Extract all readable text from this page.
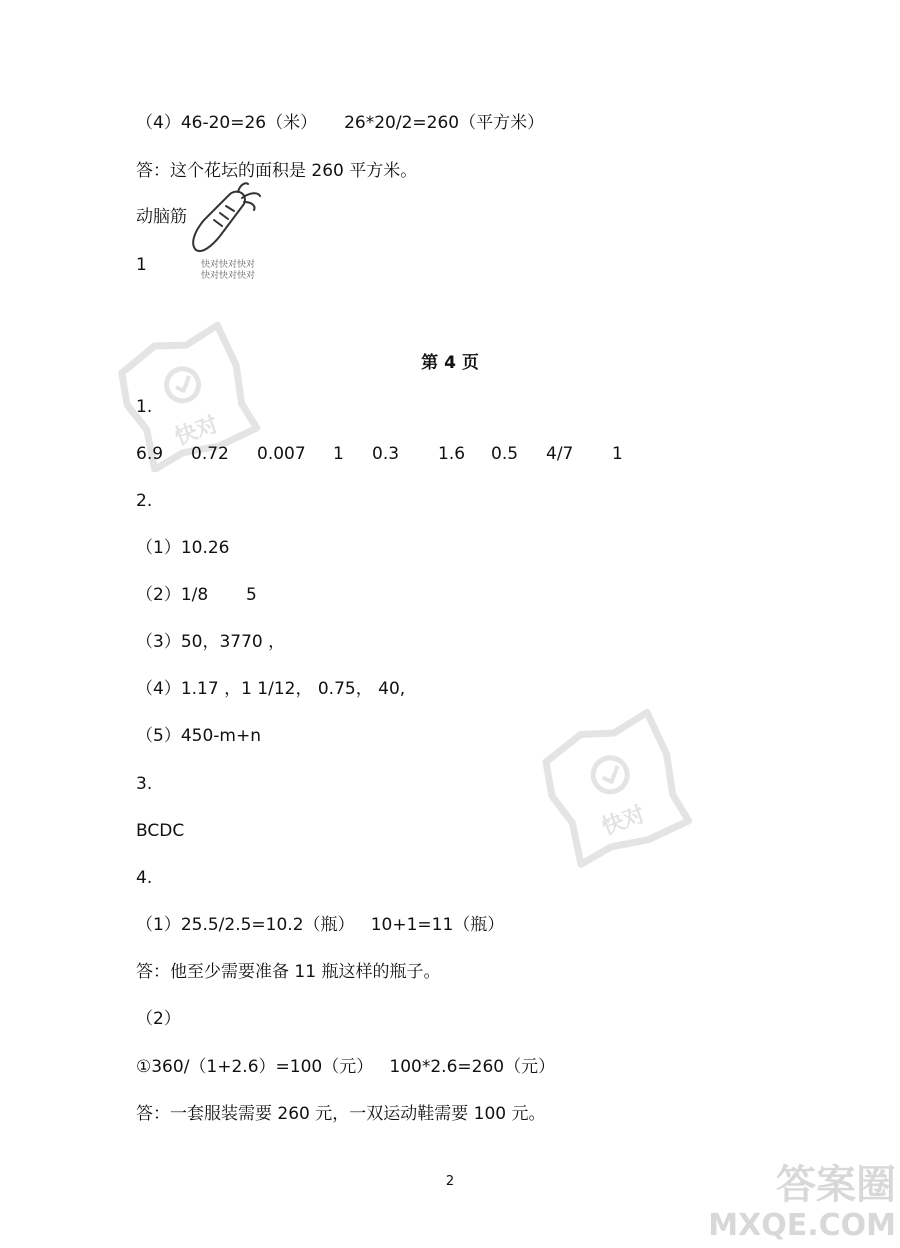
（4）46-20=26（米）     26*20/2=260（平方米）
答：这个花坛的面积是 260 平方米。
动脑筋
1	快对快对快对
快对快对快对
快对
快对
第 4 页
1.

6.9

0.72

0.007

1

0.3

1.6

0.5

4/7

1

2.
（1）10.26
（2）1/8       5
（3）50，3770 ，
（4）1.17 ，1 1/12， 0.75， 40,
（5）450-m+n
3.
BCDC
4.
（1）25.5/2.5=10.2（瓶）   10+1=11（瓶）
答：他至少需要准备 11 瓶这样的瓶子。
（2）
①360/（1+2.6）=100（元）   100*2.6=260（元）
答：一套服装需要 260 元，一双运动鞋需要 100 元。
2	答案圈
MXQE.COM
